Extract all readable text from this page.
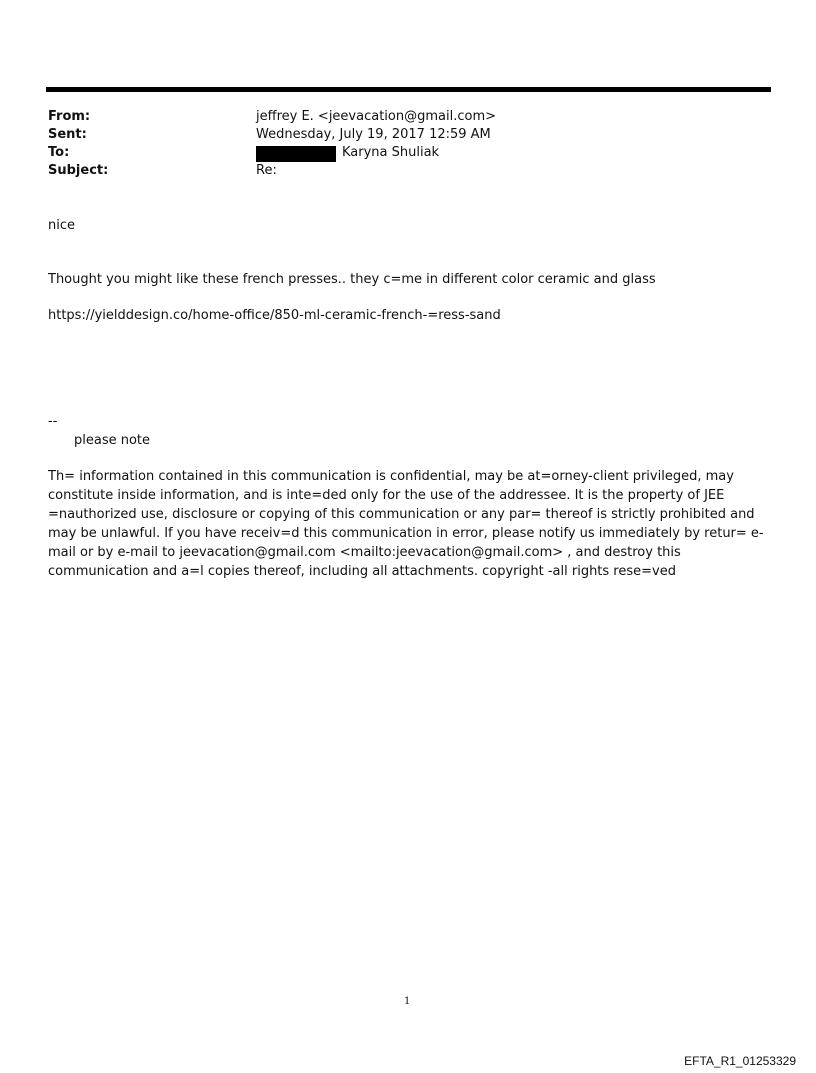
From:	jeffrey E. <jeevacation@gmail.com>
Sent:	Wednesday, July 19, 2017 12:59 AM
To:	Karyna Shuliak
Subject:	Re:
nice
Thought you might like these french presses.. they c=me in different color ceramic and glass
https://yielddesign.co/home-office/850-ml-ceramic-french-=ress-sand
--
please note
Th= information contained in this communication is confidential, may be at=orney-client privileged, may constitute inside information, and is inte=ded only for the use of the addressee. It is the property of JEE =nauthorized use, disclosure or copying of this communication or any par= thereof is strictly prohibited and may be unlawful. If you have receiv=d this communication in error, please notify us immediately by retur= e-mail or by e-mail to jeevacation@gmail.com <mailto:jeevacation@gmail.com> , and destroy this communication and a=l copies thereof, including all attachments. copyright -all rights rese=ved
1
EFTA_R1_01253329
